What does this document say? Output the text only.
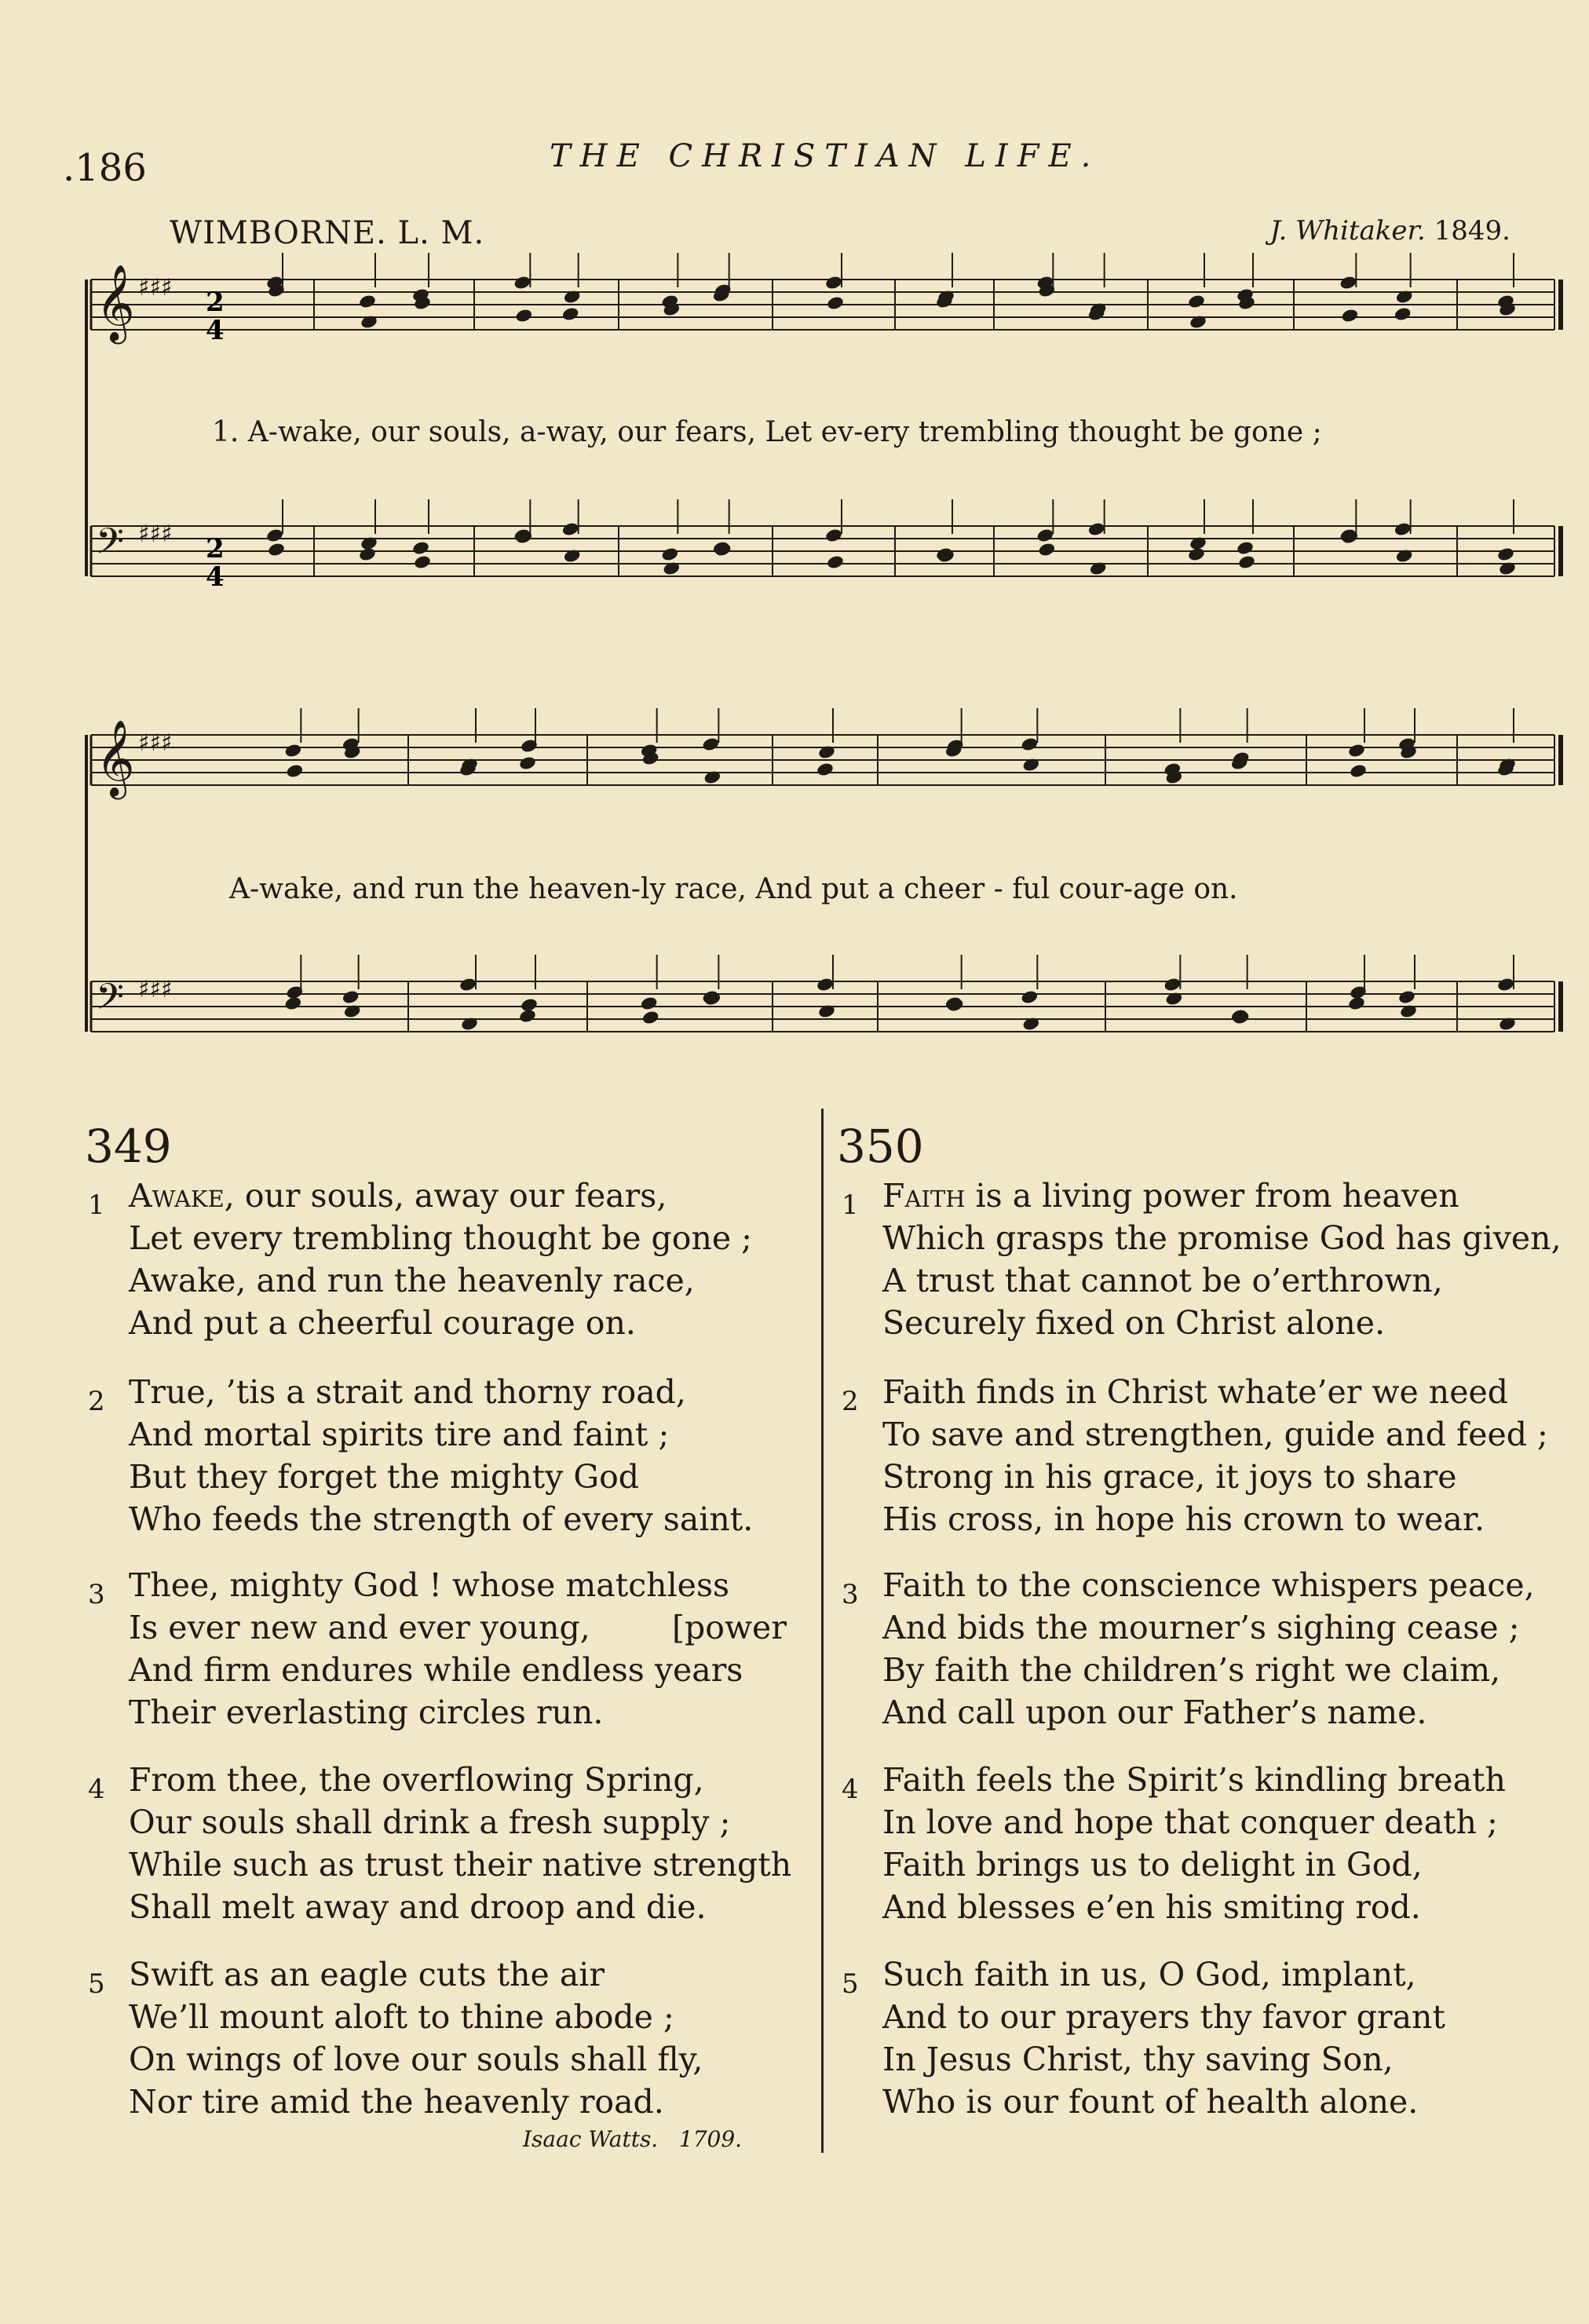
.186	THE CHRISTIAN LIFE.
WIMBORNE. L. M.	J. Whitaker. 1849.
𝄞 ♯♯♯
𝄢 ♯♯♯
𝄞 ♯♯♯
𝄢 ♯♯♯
2
4
2
4
1. A-wake, our souls, a-way, our fears, Let ev-ery trembling thought be gone ;
A-wake, and run the heaven-ly race, And put a cheer - ful cour-age on.
349
1 Awake, our souls, away our fears,
Let every trembling thought be gone ;
Awake, and run the heavenly race,
And put a cheerful courage on.
2 True, ’tis a strait and thorny road,
And mortal spirits tire and faint ;
But they forget the mighty God
Who feeds the strength of every saint.
3 Thee, mighty God ! whose matchless
Is ever new and ever young,        [power
And firm endures while endless years
Their everlasting circles run.
4 From thee, the overflowing Spring,
Our souls shall drink a fresh supply ;
While such as trust their native strength
Shall melt away and droop and die.
5 Swift as an eagle cuts the air
We’ll mount aloft to thine abode ;
On wings of love our souls shall fly,
Nor tire amid the heavenly road.
Isaac Watts. 1709.
350
1 Faith is a living power from heaven
Which grasps the promise God has given,
A trust that cannot be o’erthrown,
Securely fixed on Christ alone.
2 Faith finds in Christ whate’er we need
To save and strengthen, guide and feed ;
Strong in his grace, it joys to share
His cross, in hope his crown to wear.
3 Faith to the conscience whispers peace,
And bids the mourner’s sighing cease ;
By faith the children’s right we claim,
And call upon our Father’s name.
4 Faith feels the Spirit’s kindling breath
In love and hope that conquer death ;
Faith brings us to delight in God,
And blesses e’en his smiting rod.
5 Such faith in us, O God, implant,
And to our prayers thy favor grant
In Jesus Christ, thy saving Son,
Who is our fount of health alone.
